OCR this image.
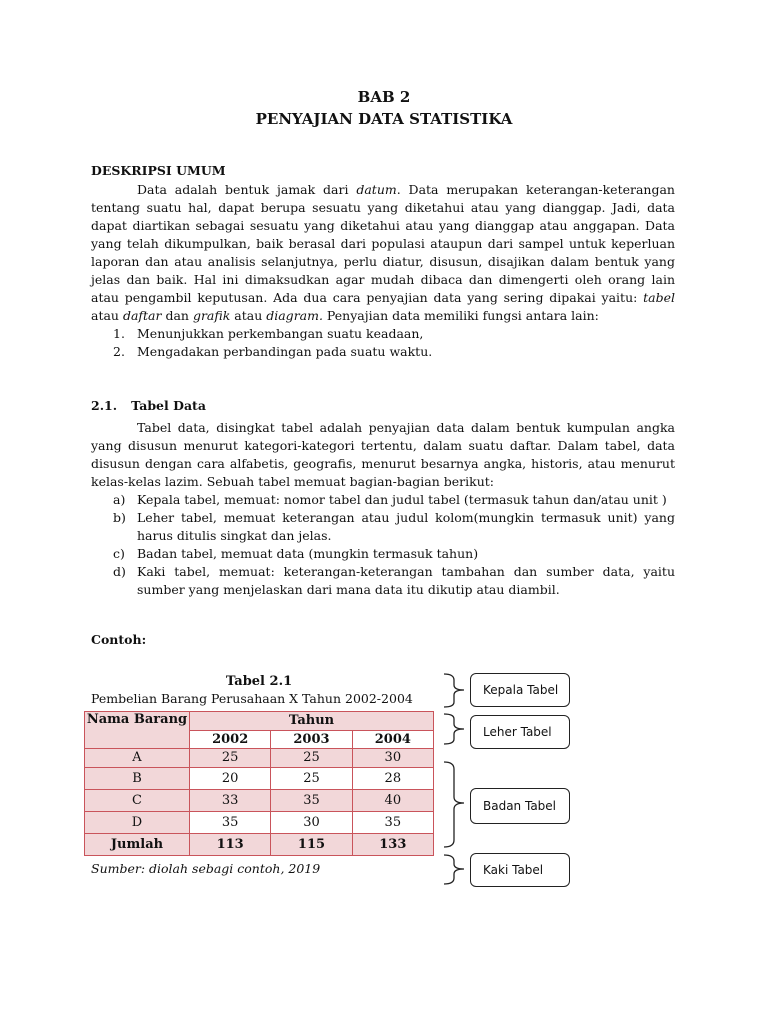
BAB 2
PENYAJIAN DATA STATISTIKA
DESKRIPSI UMUM

Data adalah bentuk jamak dari datum. Data merupakan keterangan-keterangan tentang suatu hal, dapat berupa sesuatu yang diketahui atau yang dianggap. Jadi, data dapat diartikan sebagai sesuatu yang diketahui atau yang dianggap atau anggapan. Data yang telah dikumpulkan, baik berasal dari populasi ataupun dari sampel untuk keperluan laporan dan atau analisis selanjutnya, perlu diatur, disusun, disajikan dalam bentuk yang jelas dan baik. Hal ini dimaksudkan agar mudah dibaca dan dimengerti oleh orang lain atau pengambil keputusan. Ada dua cara penyajian data yang sering dipakai yaitu: tabel atau daftar dan grafik atau diagram. Penyajian data memiliki fungsi antara lain:

1. Menunjukkan perkembangan suatu keadaan,
2. Mengadakan perbandingan pada suatu waktu.
2.1. Tabel Data

Tabel data, disingkat tabel adalah penyajian data dalam bentuk kumpulan angka yang disusun menurut kategori-kategori tertentu, dalam suatu daftar. Dalam tabel, data disusun dengan cara alfabetis, geografis, menurut besarnya angka, historis, atau menurut kelas-kelas lazim. Sebuah tabel memuat bagian-bagian berikut:

a) Kepala tabel, memuat: nomor tabel dan judul tabel (termasuk tahun dan/atau unit )
b) Leher tabel, memuat keterangan atau judul kolom(mungkin termasuk unit) yang harus ditulis singkat dan jelas.
c) Badan tabel, memuat data (mungkin termasuk tahun)
d) Kaki tabel, memuat: keterangan-keterangan tambahan dan sumber data, yaitu sumber yang menjelaskan dari mana data itu dikutip atau diambil.
Contoh:
Tabel 2.1
Pembelian Barang Perusahaan X Tahun 2002-2004
Nama Barang	Tahun		
	2002	2003	2004
A	25	25	30
B	20	25	28
C	33	35	40
D	35	30	35
Jumlah	113	115	133
Sumber: diolah sebagi contoh, 2019
Kepala Tabel
Leher Tabel
Badan Tabel
Kaki Tabel
